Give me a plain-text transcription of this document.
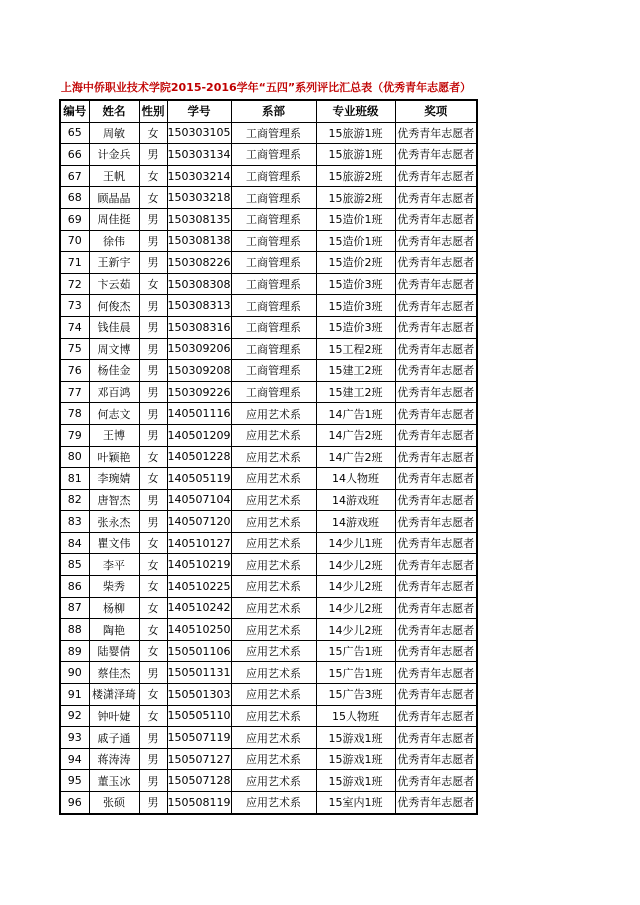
上海中侨职业技术学院2015-2016学年“五四”系列评比汇总表（优秀青年志愿者）
编号	姓名	性别	学号	系部	专业班级	奖项
65	周敏	女	150303105	工商管理系	15旅游1班	优秀青年志愿者
66	计金兵	男	150303134	工商管理系	15旅游1班	优秀青年志愿者
67	王帆	女	150303214	工商管理系	15旅游2班	优秀青年志愿者
68	顾晶晶	女	150303218	工商管理系	15旅游2班	优秀青年志愿者
69	周佳挺	男	150308135	工商管理系	15造价1班	优秀青年志愿者
70	徐伟	男	150308138	工商管理系	15造价1班	优秀青年志愿者
71	王新宇	男	150308226	工商管理系	15造价2班	优秀青年志愿者
72	卞云茹	女	150308308	工商管理系	15造价3班	优秀青年志愿者
73	何俊杰	男	150308313	工商管理系	15造价3班	优秀青年志愿者
74	钱佳晨	男	150308316	工商管理系	15造价3班	优秀青年志愿者
75	周文博	男	150309206	工商管理系	15工程2班	优秀青年志愿者
76	杨佳金	男	150309208	工商管理系	15建工2班	优秀青年志愿者
77	邓百鸿	男	150309226	工商管理系	15建工2班	优秀青年志愿者
78	何志文	男	140501116	应用艺术系	14广告1班	优秀青年志愿者
79	王博	男	140501209	应用艺术系	14广告2班	优秀青年志愿者
80	叶颖艳	女	140501228	应用艺术系	14广告2班	优秀青年志愿者
81	李琬婧	女	140505119	应用艺术系	14人物班	优秀青年志愿者
82	唐智杰	男	140507104	应用艺术系	14游戏班	优秀青年志愿者
83	张永杰	男	140507120	应用艺术系	14游戏班	优秀青年志愿者
84	瞿文伟	女	140510127	应用艺术系	14少儿1班	优秀青年志愿者
85	李平	女	140510219	应用艺术系	14少儿2班	优秀青年志愿者
86	柴秀	女	140510225	应用艺术系	14少儿2班	优秀青年志愿者
87	杨柳	女	140510242	应用艺术系	14少儿2班	优秀青年志愿者
88	陶艳	女	140510250	应用艺术系	14少儿2班	优秀青年志愿者
89	陆婴倩	女	150501106	应用艺术系	15广告1班	优秀青年志愿者
90	蔡佳杰	男	150501131	应用艺术系	15广告1班	优秀青年志愿者
91	楼潇泽琦	女	150501303	应用艺术系	15广告3班	优秀青年志愿者
92	钟叶婕	女	150505110	应用艺术系	15人物班	优秀青年志愿者
93	戚子通	男	150507119	应用艺术系	15游戏1班	优秀青年志愿者
94	蒋涛涛	男	150507127	应用艺术系	15游戏1班	优秀青年志愿者
95	董玉冰	男	150507128	应用艺术系	15游戏1班	优秀青年志愿者
96	张硕	男	150508119	应用艺术系	15室内1班	优秀青年志愿者
